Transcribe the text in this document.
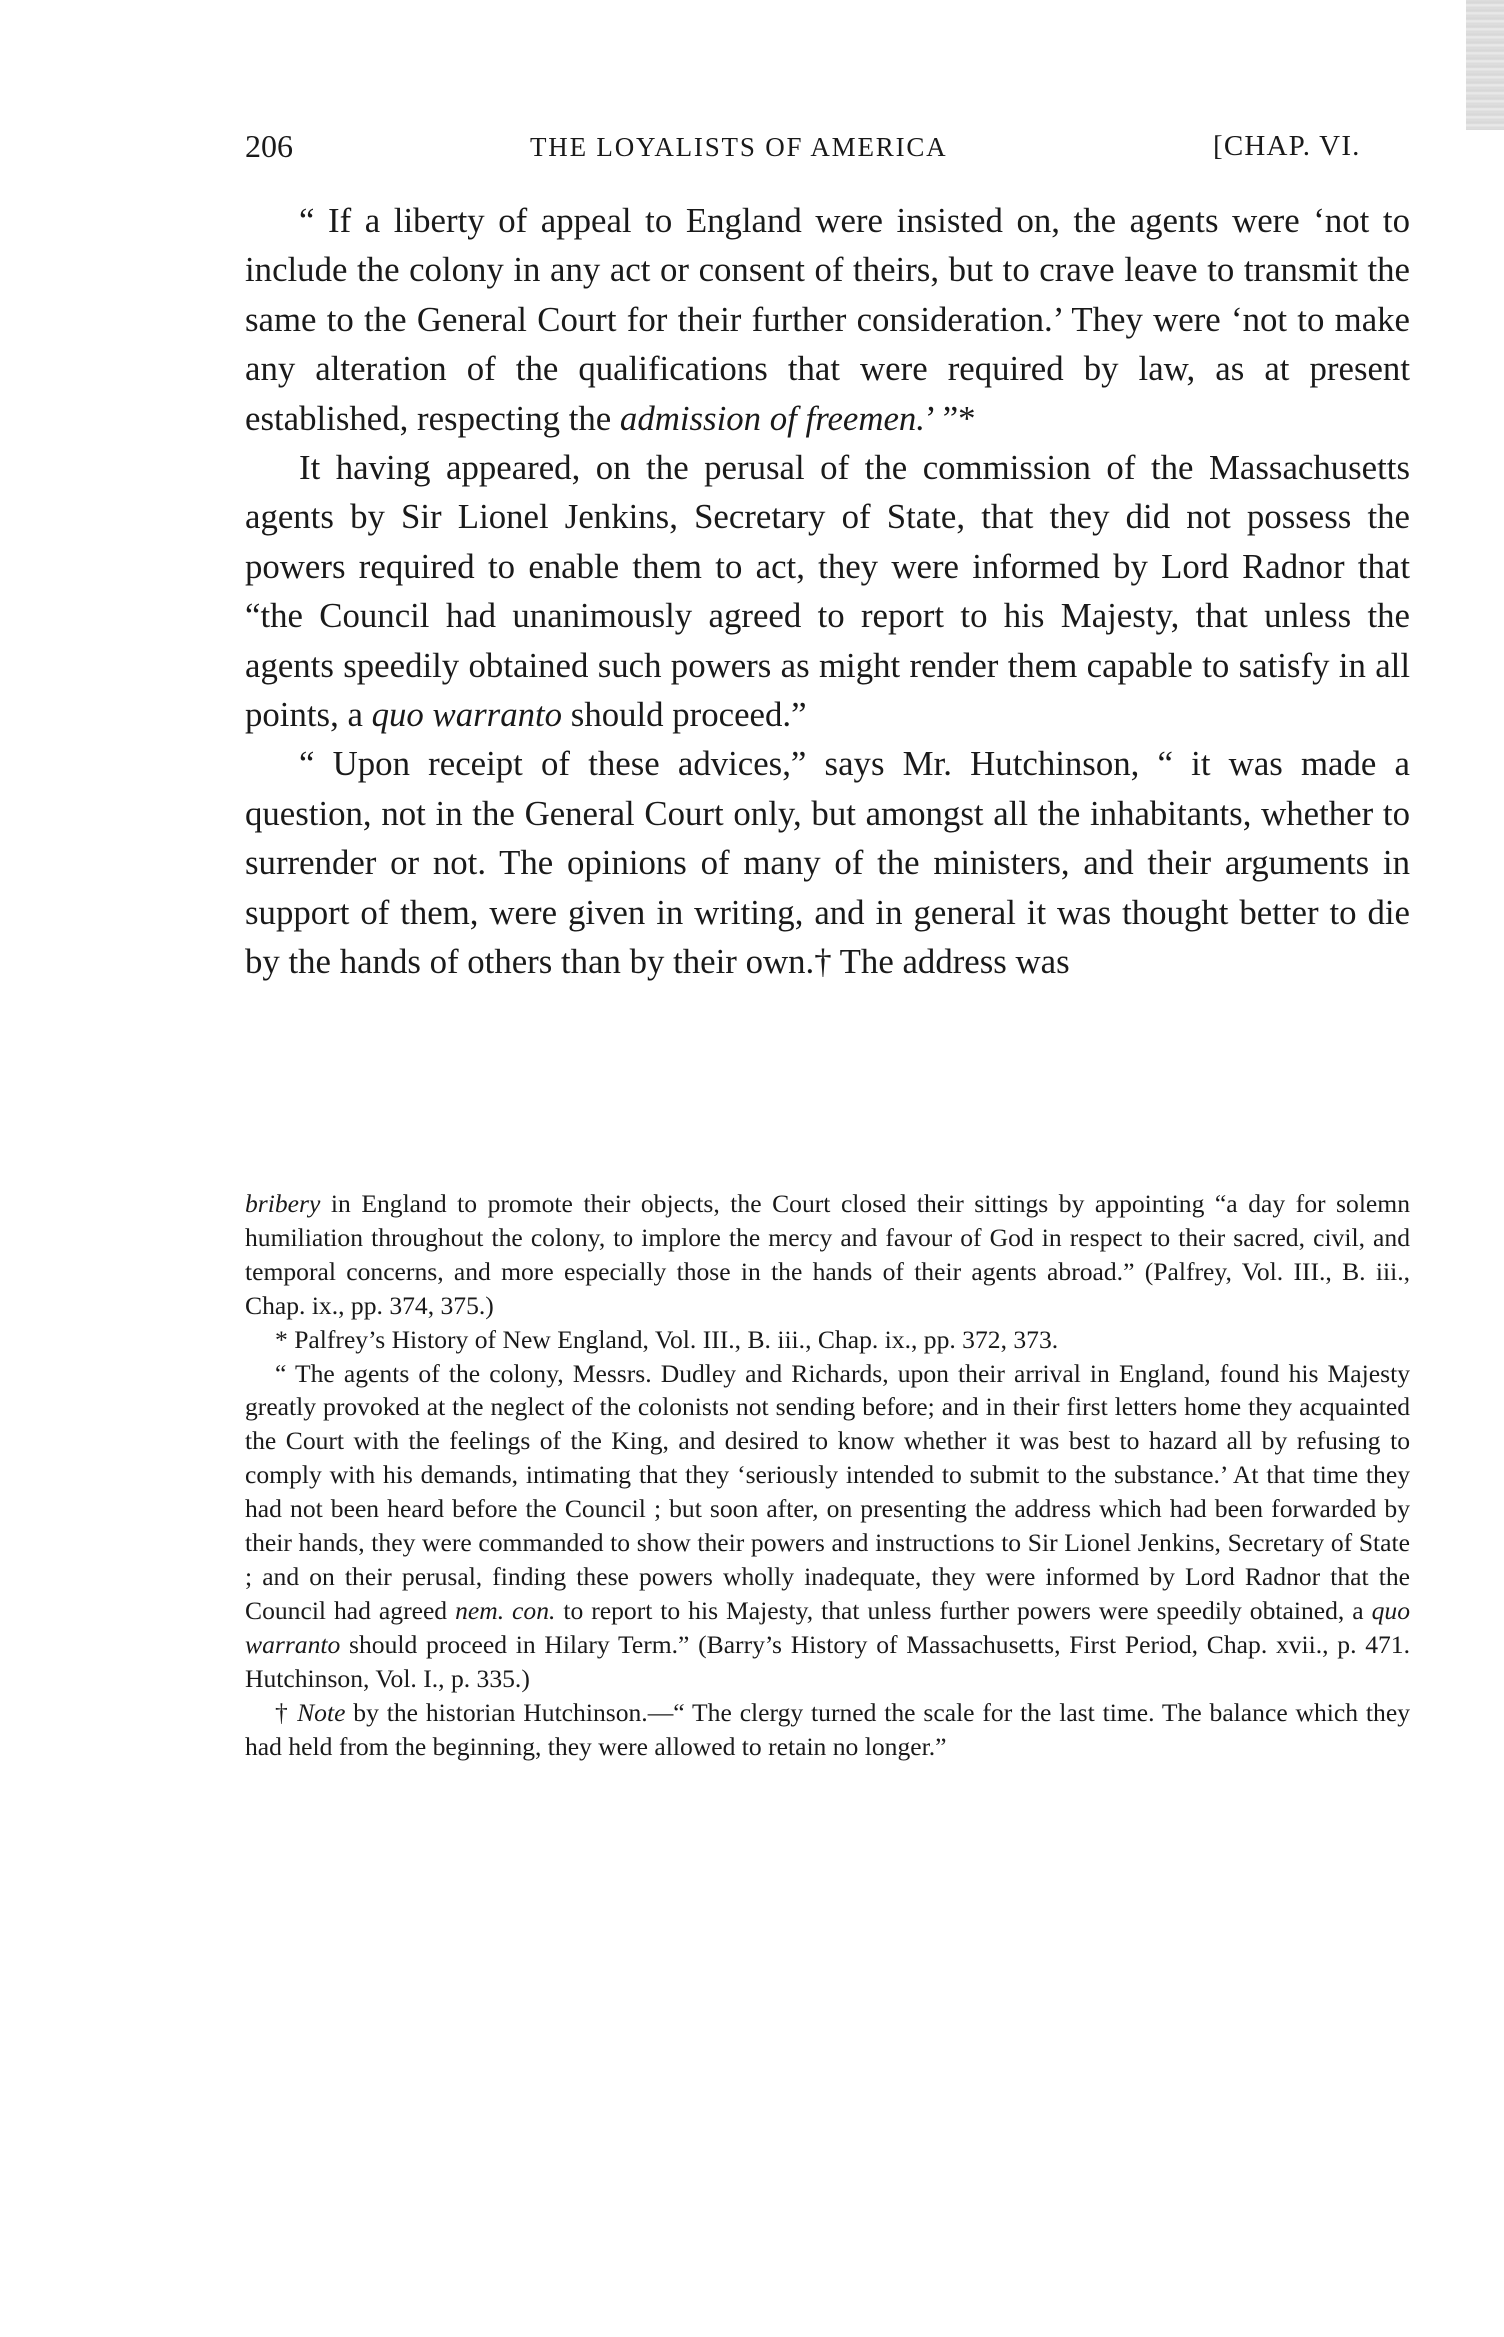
206	THE LOYALISTS OF AMERICA	[CHAP. VI.

“ If a liberty of appeal to England were insisted on, the agents were ‘not to include the colony in any act or consent of theirs, but to crave leave to transmit the same to the General Court for their further consideration.’ They were ‘not to make any alteration of the qualifications that were required by law, as at present established, respecting the admission of freemen.’ ”*

It having appeared, on the perusal of the commission of the Massachusetts agents by Sir Lionel Jenkins, Secretary of State, that they did not possess the powers required to enable them to act, they were informed by Lord Radnor that “the Council had unanimously agreed to report to his Majesty, that unless the agents speedily obtained such powers as might render them capable to satisfy in all points, a quo warranto should proceed.”

“ Upon receipt of these advices,” says Mr. Hutchinson, “ it was made a question, not in the General Court only, but amongst all the inhabitants, whether to surrender or not. The opinions of many of the ministers, and their arguments in support of them, were given in writing, and in general it was thought better to die by the hands of others than by their own.† The address was

bribery in England to promote their objects, the Court closed their sittings by appointing “a day for solemn humiliation throughout the colony, to implore the mercy and favour of God in respect to their sacred, civil, and temporal concerns, and more especially those in the hands of their agents abroad.” (Palfrey, Vol. III., B. iii., Chap. ix., pp. 374, 375.)

* Palfrey’s History of New England, Vol. III., B. iii., Chap. ix., pp. 372, 373.

“ The agents of the colony, Messrs. Dudley and Richards, upon their arrival in England, found his Majesty greatly provoked at the neglect of the colonists not sending before; and in their first letters home they acquainted the Court with the feelings of the King, and desired to know whether it was best to hazard all by refusing to comply with his demands, intimating that they ‘seriously intended to submit to the substance.’ At that time they had not been heard before the Council ; but soon after, on presenting the address which had been forwarded by their hands, they were commanded to show their powers and instructions to Sir Lionel Jenkins, Secretary of State ; and on their perusal, finding these powers wholly inadequate, they were informed by Lord Radnor that the Council had agreed nem. con. to report to his Majesty, that unless further powers were speedily obtained, a quo warranto should proceed in Hilary Term.” (Barry’s History of Massachusetts, First Period, Chap. xvii., p. 471. Hutchinson, Vol. I., p. 335.)

† Note by the historian Hutchinson.—“ The clergy turned the scale for the last time. The balance which they had held from the beginning, they were allowed to retain no longer.”
